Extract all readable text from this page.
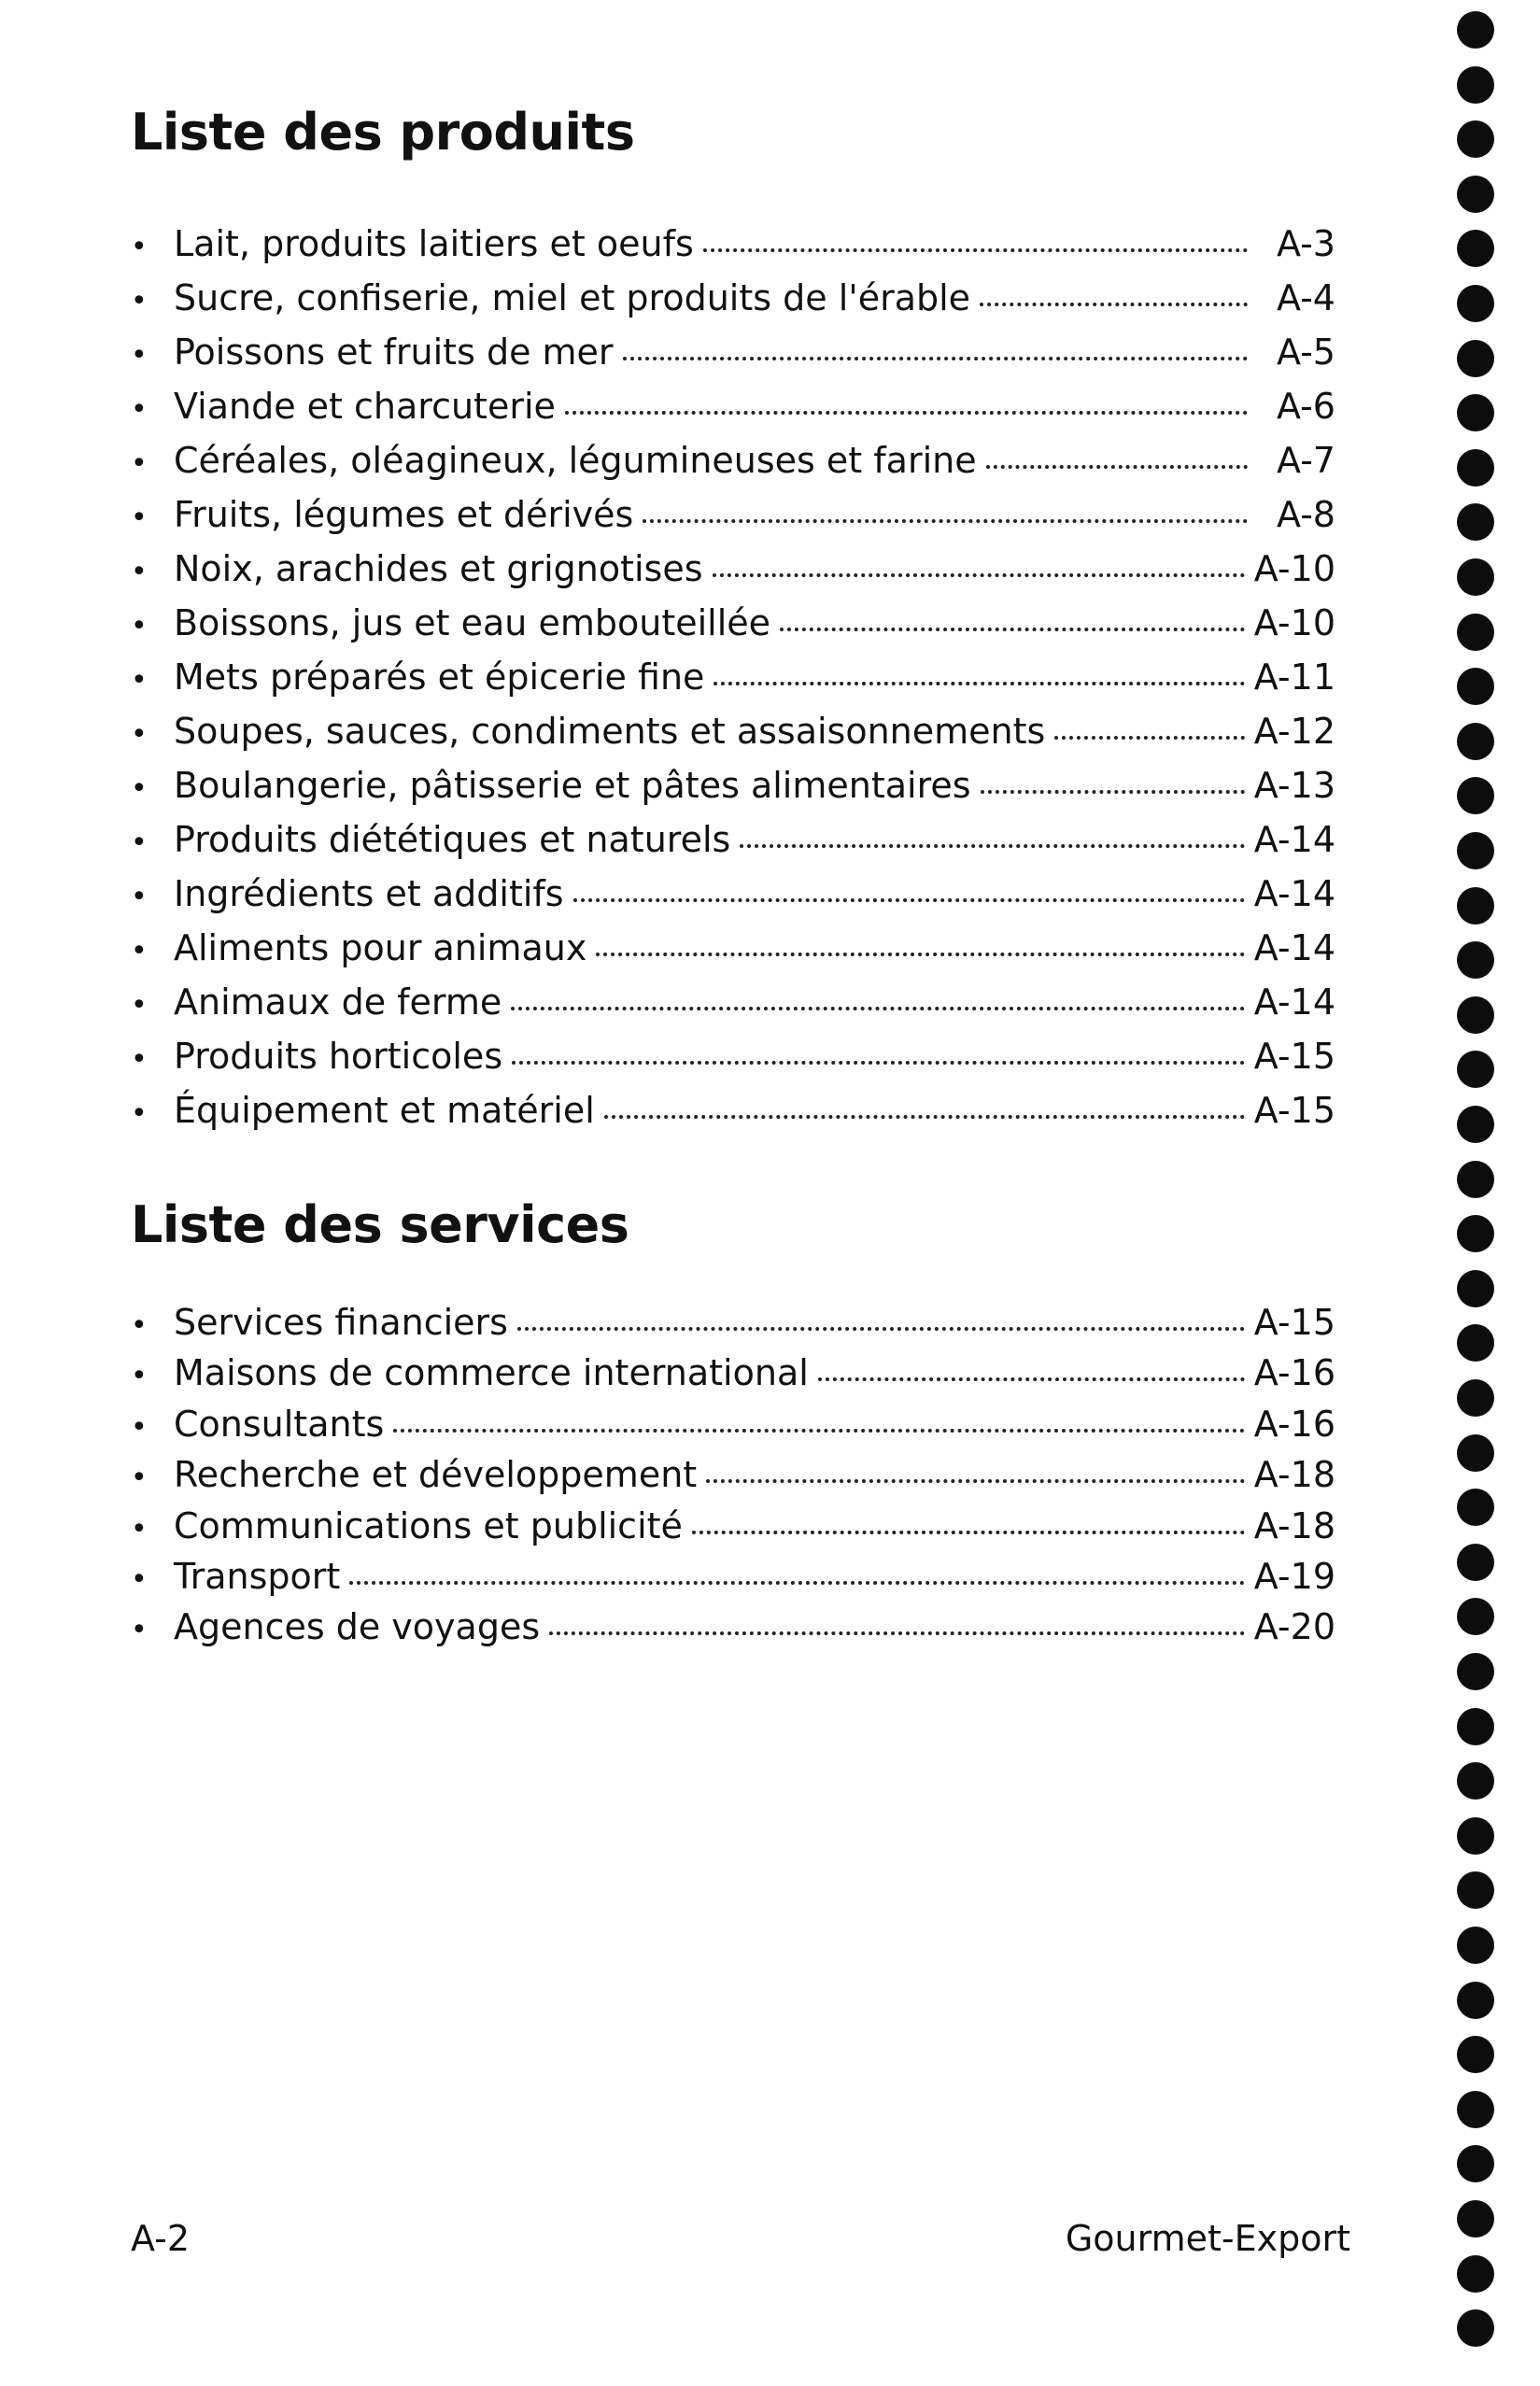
Liste des produits
• Lait, produits laitiers et oeufs	A-3
• Sucre, confiserie, miel et produits de l'érable	A-4
• Poissons et fruits de mer	A-5
• Viande et charcuterie	A-6
• Céréales, oléagineux, légumineuses et farine	A-7
• Fruits, légumes et dérivés	A-8
• Noix, arachides et grignotises	A-10
• Boissons, jus et eau embouteillée	A-10
• Mets préparés et épicerie fine	A-11
• Soupes, sauces, condiments et assaisonnements	A-12
• Boulangerie, pâtisserie et pâtes alimentaires	A-13
• Produits diététiques et naturels	A-14
• Ingrédients et additifs	A-14
• Aliments pour animaux	A-14
• Animaux de ferme	A-14
• Produits horticoles	A-15
• Équipement et matériel	A-15
Liste des services
• Services financiers	A-15
• Maisons de commerce international	A-16
• Consultants	A-16
• Recherche et développement	A-18
• Communications et publicité	A-18
• Transport	A-19
• Agences de voyages	A-20
A-2	Gourmet-Export
